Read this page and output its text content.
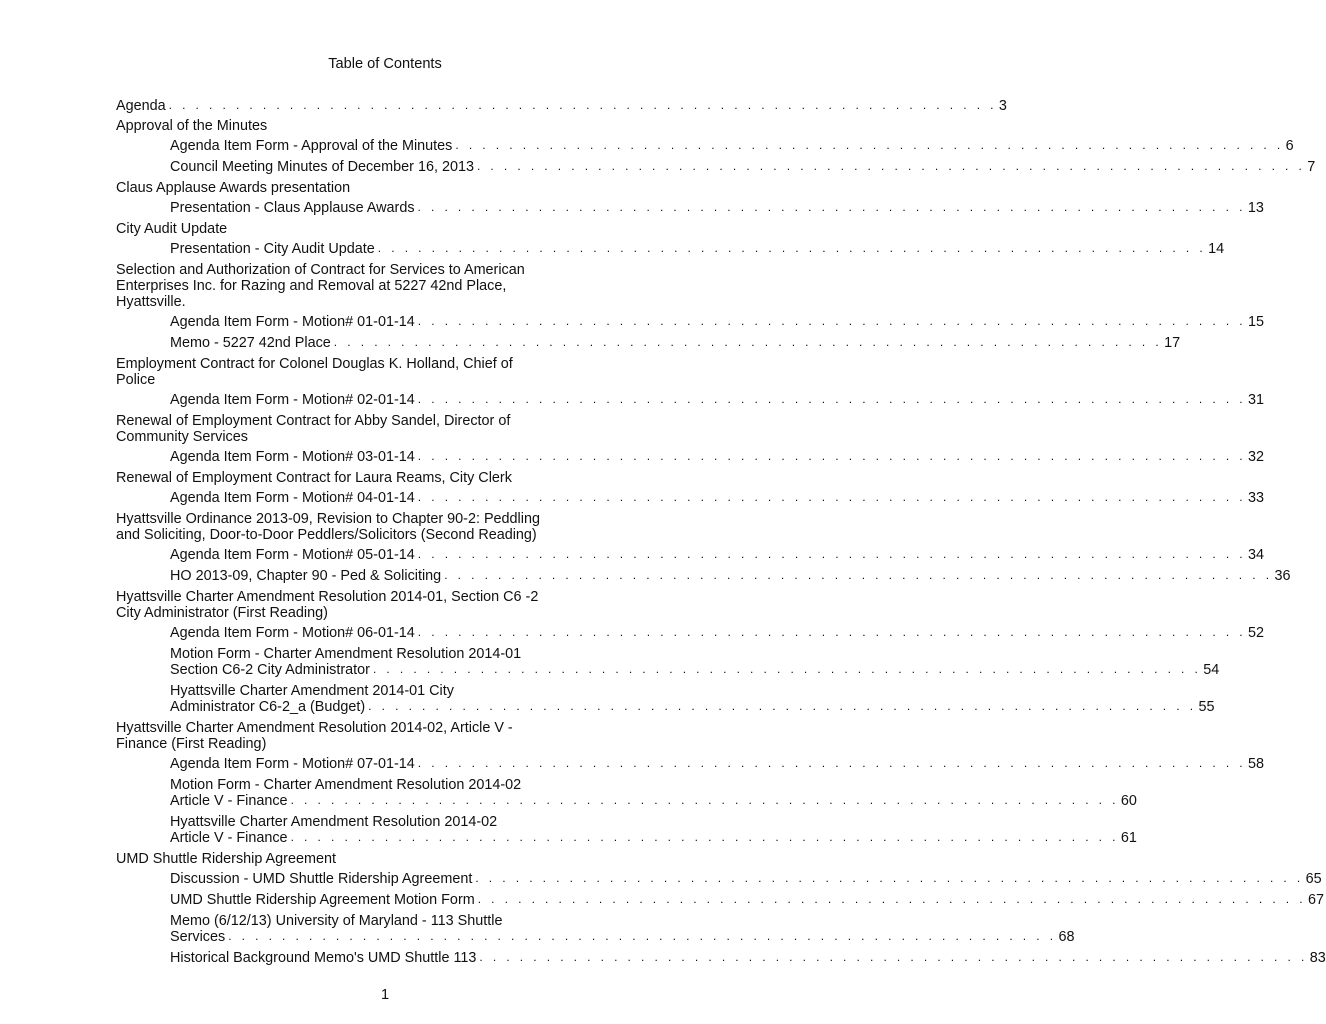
Table of Contents
Agenda . . . . . . . . . . . . . . . . . . . . . . . . . . . . . . . . . . . . . . . . . . . . . . . . . . . . . . . . . . . . . . 3
Approval of the Minutes
Agenda Item Form - Approval of the Minutes . . . . . . . . . . . . . . . . . . . . . . . . . . . . . . . . . . . . . . . . . . . . . . . . . . . . . . . . . . . . . . 6
Council Meeting Minutes of December 16, 2013 . . . . . . . . . . . . . . . . . . . . . . . . . . . . . . . . . . . . . . . . . . . . . . . . . . . . . . . . . . . . . . 7
Claus Applause Awards presentation
Presentation - Claus Applause Awards . . . . . . . . . . . . . . . . . . . . . . . . . . . . . . . . . . . . . . . . . . . . . . . . . . . . . . . . . . . . . . 13
City Audit Update
Presentation - City Audit Update . . . . . . . . . . . . . . . . . . . . . . . . . . . . . . . . . . . . . . . . . . . . . . . . . . . . . . . . . . . . . . 14
Selection and Authorization of Contract for Services to American Enterprises Inc. for Razing and Removal at 5227 42nd Place, Hyattsville.
Agenda Item Form - Motion# 01-01-14 . . . . . . . . . . . . . . . . . . . . . . . . . . . . . . . . . . . . . . . . . . . . . . . . . . . . . . . . . . . . . . 15
Memo - 5227 42nd Place . . . . . . . . . . . . . . . . . . . . . . . . . . . . . . . . . . . . . . . . . . . . . . . . . . . . . . . . . . . . . . 17
Employment Contract for Colonel Douglas K. Holland, Chief of Police
Agenda Item Form - Motion# 02-01-14 . . . . . . . . . . . . . . . . . . . . . . . . . . . . . . . . . . . . . . . . . . . . . . . . . . . . . . . . . . . . . . 31
Renewal of Employment Contract for Abby Sandel, Director of Community Services
Agenda Item Form - Motion# 03-01-14 . . . . . . . . . . . . . . . . . . . . . . . . . . . . . . . . . . . . . . . . . . . . . . . . . . . . . . . . . . . . . . 32
Renewal of Employment Contract for Laura Reams, City Clerk
Agenda Item Form - Motion# 04-01-14 . . . . . . . . . . . . . . . . . . . . . . . . . . . . . . . . . . . . . . . . . . . . . . . . . . . . . . . . . . . . . . 33
Hyattsville Ordinance 2013-09, Revision to Chapter 90-2: Peddling and Soliciting, Door-to-Door Peddlers/Solicitors (Second Reading)
Agenda Item Form - Motion# 05-01-14 . . . . . . . . . . . . . . . . . . . . . . . . . . . . . . . . . . . . . . . . . . . . . . . . . . . . . . . . . . . . . . 34
HO 2013-09, Chapter 90 - Ped & Soliciting . . . . . . . . . . . . . . . . . . . . . . . . . . . . . . . . . . . . . . . . . . . . . . . . . . . . . . . . . . . . . . 36
Hyattsville Charter Amendment Resolution 2014-01, Section C6 -2 City Administrator (First Reading)
Agenda Item Form - Motion# 06-01-14 . . . . . . . . . . . . . . . . . . . . . . . . . . . . . . . . . . . . . . . . . . . . . . . . . . . . . . . . . . . . . . 52
Motion Form - Charter Amendment Resolution 2014-01
Section C6-2 City Administrator . . . . . . . . . . . . . . . . . . . . . . . . . . . . . . . . . . . . . . . . . . . . . . . . . . . . . . . . . . . . . . 54
Hyattsville Charter Amendment 2014-01 City
Administrator C6-2_a (Budget) . . . . . . . . . . . . . . . . . . . . . . . . . . . . . . . . . . . . . . . . . . . . . . . . . . . . . . . . . . . . . . 55
Hyattsville Charter Amendment Resolution 2014-02, Article V - Finance (First Reading)
Agenda Item Form - Motion# 07-01-14 . . . . . . . . . . . . . . . . . . . . . . . . . . . . . . . . . . . . . . . . . . . . . . . . . . . . . . . . . . . . . . 58
Motion Form - Charter Amendment Resolution 2014-02
Article V - Finance . . . . . . . . . . . . . . . . . . . . . . . . . . . . . . . . . . . . . . . . . . . . . . . . . . . . . . . . . . . . . . 60
Hyattsville Charter Amendment Resolution 2014-02
Article V - Finance . . . . . . . . . . . . . . . . . . . . . . . . . . . . . . . . . . . . . . . . . . . . . . . . . . . . . . . . . . . . . . 61
UMD Shuttle Ridership Agreement
Discussion - UMD Shuttle Ridership Agreement . . . . . . . . . . . . . . . . . . . . . . . . . . . . . . . . . . . . . . . . . . . . . . . . . . . . . . . . . . . . . . 65
UMD Shuttle Ridership Agreement Motion Form . . . . . . . . . . . . . . . . . . . . . . . . . . . . . . . . . . . . . . . . . . . . . . . . . . . . . . . . . . . . . . 67
Memo (6/12/13) University of Maryland - 113 Shuttle
Services . . . . . . . . . . . . . . . . . . . . . . . . . . . . . . . . . . . . . . . . . . . . . . . . . . . . . . . . . . . . . . 68
Historical Background Memo's UMD Shuttle 113 . . . . . . . . . . . . . . . . . . . . . . . . . . . . . . . . . . . . . . . . . . . . . . . . . . . . . . . . . . . . . . 83
1
